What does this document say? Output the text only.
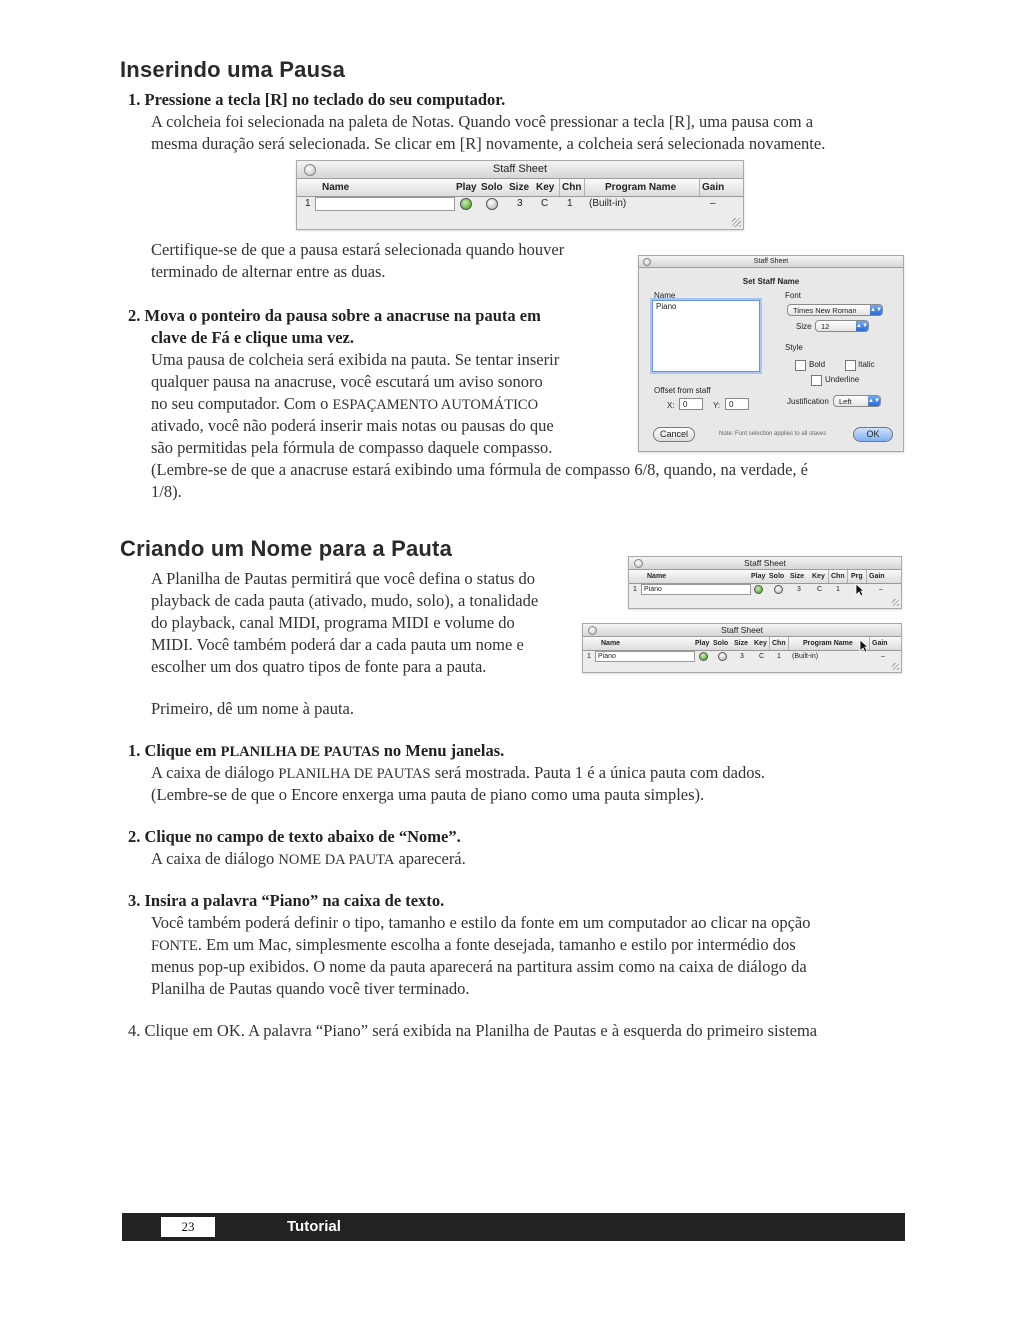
Inserindo uma Pausa
1. Pressione a tecla [R] no teclado do seu computador.
A colcheia foi selecionada na paleta de Notas. Quando você pressionar a tecla [R], uma pausa com a
mesma duração será selecionada. Se clicar em [R] novamente, a colcheia será selecionada novamente.
Staff Sheet
Name	Play Solo Size Key Chn Program Name	Gain
1	3 C 1 (Built-in)	–
Certifique-se de que a pausa estará selecionada quando houver
terminado de alternar entre as duas.
Staff Sheet
Set Staff Name
Name
Piano
Font
Times New Roman ▲▼
Size	12	▲▼
Style
Bold	Italic
Underline
Offset from staff
X:	0	Y:	0	Justification	Left	▲▼
Cancel	Note: Font selection applies to all staves	OK
2. Mova o ponteiro da pausa sobre a anacruse na pauta em
clave de Fá e clique uma vez.
Uma pausa de colcheia será exibida na pauta. Se tentar inserir
qualquer pausa na anacruse, você escutará um aviso sonoro
no seu computador. Com o ESPAÇAMENTO AUTOMÁTICO
ativado, você não poderá inserir mais notas ou pausas do que
são permitidas pela fórmula de compasso daquele compasso.
(Lembre-se de que a anacruse estará exibindo uma fórmula de compasso 6/8, quando, na verdade, é
1/8).
Criando um Nome para a Pauta
A Planilha de Pautas permitirá que você defina o status do
playback de cada pauta (ativado, mudo, solo), a tonalidade
do playback, canal MIDI, programa MIDI e volume do
MIDI. Você também poderá dar a cada pauta um nome e
escolher um dos quatro tipos de fonte para a pauta.
Staff Sheet
Name	Play Solo Size Key Chn Prg Gain
1	Piano	3 C 1	–
Staff Sheet
Name	Play Solo Size Key Chn Program Name	Gain
1	Piano	3 C 1 (Built-in)	–
Primeiro, dê um nome à pauta.
1. Clique em PLANILHA DE PAUTAS no Menu janelas.
A caixa de diálogo PLANILHA DE PAUTAS será mostrada. Pauta 1 é a única pauta com dados.
(Lembre-se de que o Encore enxerga uma pauta de piano como uma pauta simples).
2. Clique no campo de texto abaixo de “Nome”.
A caixa de diálogo NOME DA PAUTA aparecerá.
3. Insira a palavra “Piano” na caixa de texto.
Você também poderá definir o tipo, tamanho e estilo da fonte em um computador ao clicar na opção
FONTE. Em um Mac, simplesmente escolha a fonte desejada, tamanho e estilo por intermédio dos
menus pop-up exibidos. O nome da pauta aparecerá na partitura assim como na caixa de diálogo da
Planilha de Pautas quando você tiver terminado.
4. Clique em OK. A palavra “Piano” será exibida na Planilha de Pautas e à esquerda do primeiro sistema
23	Tutorial
